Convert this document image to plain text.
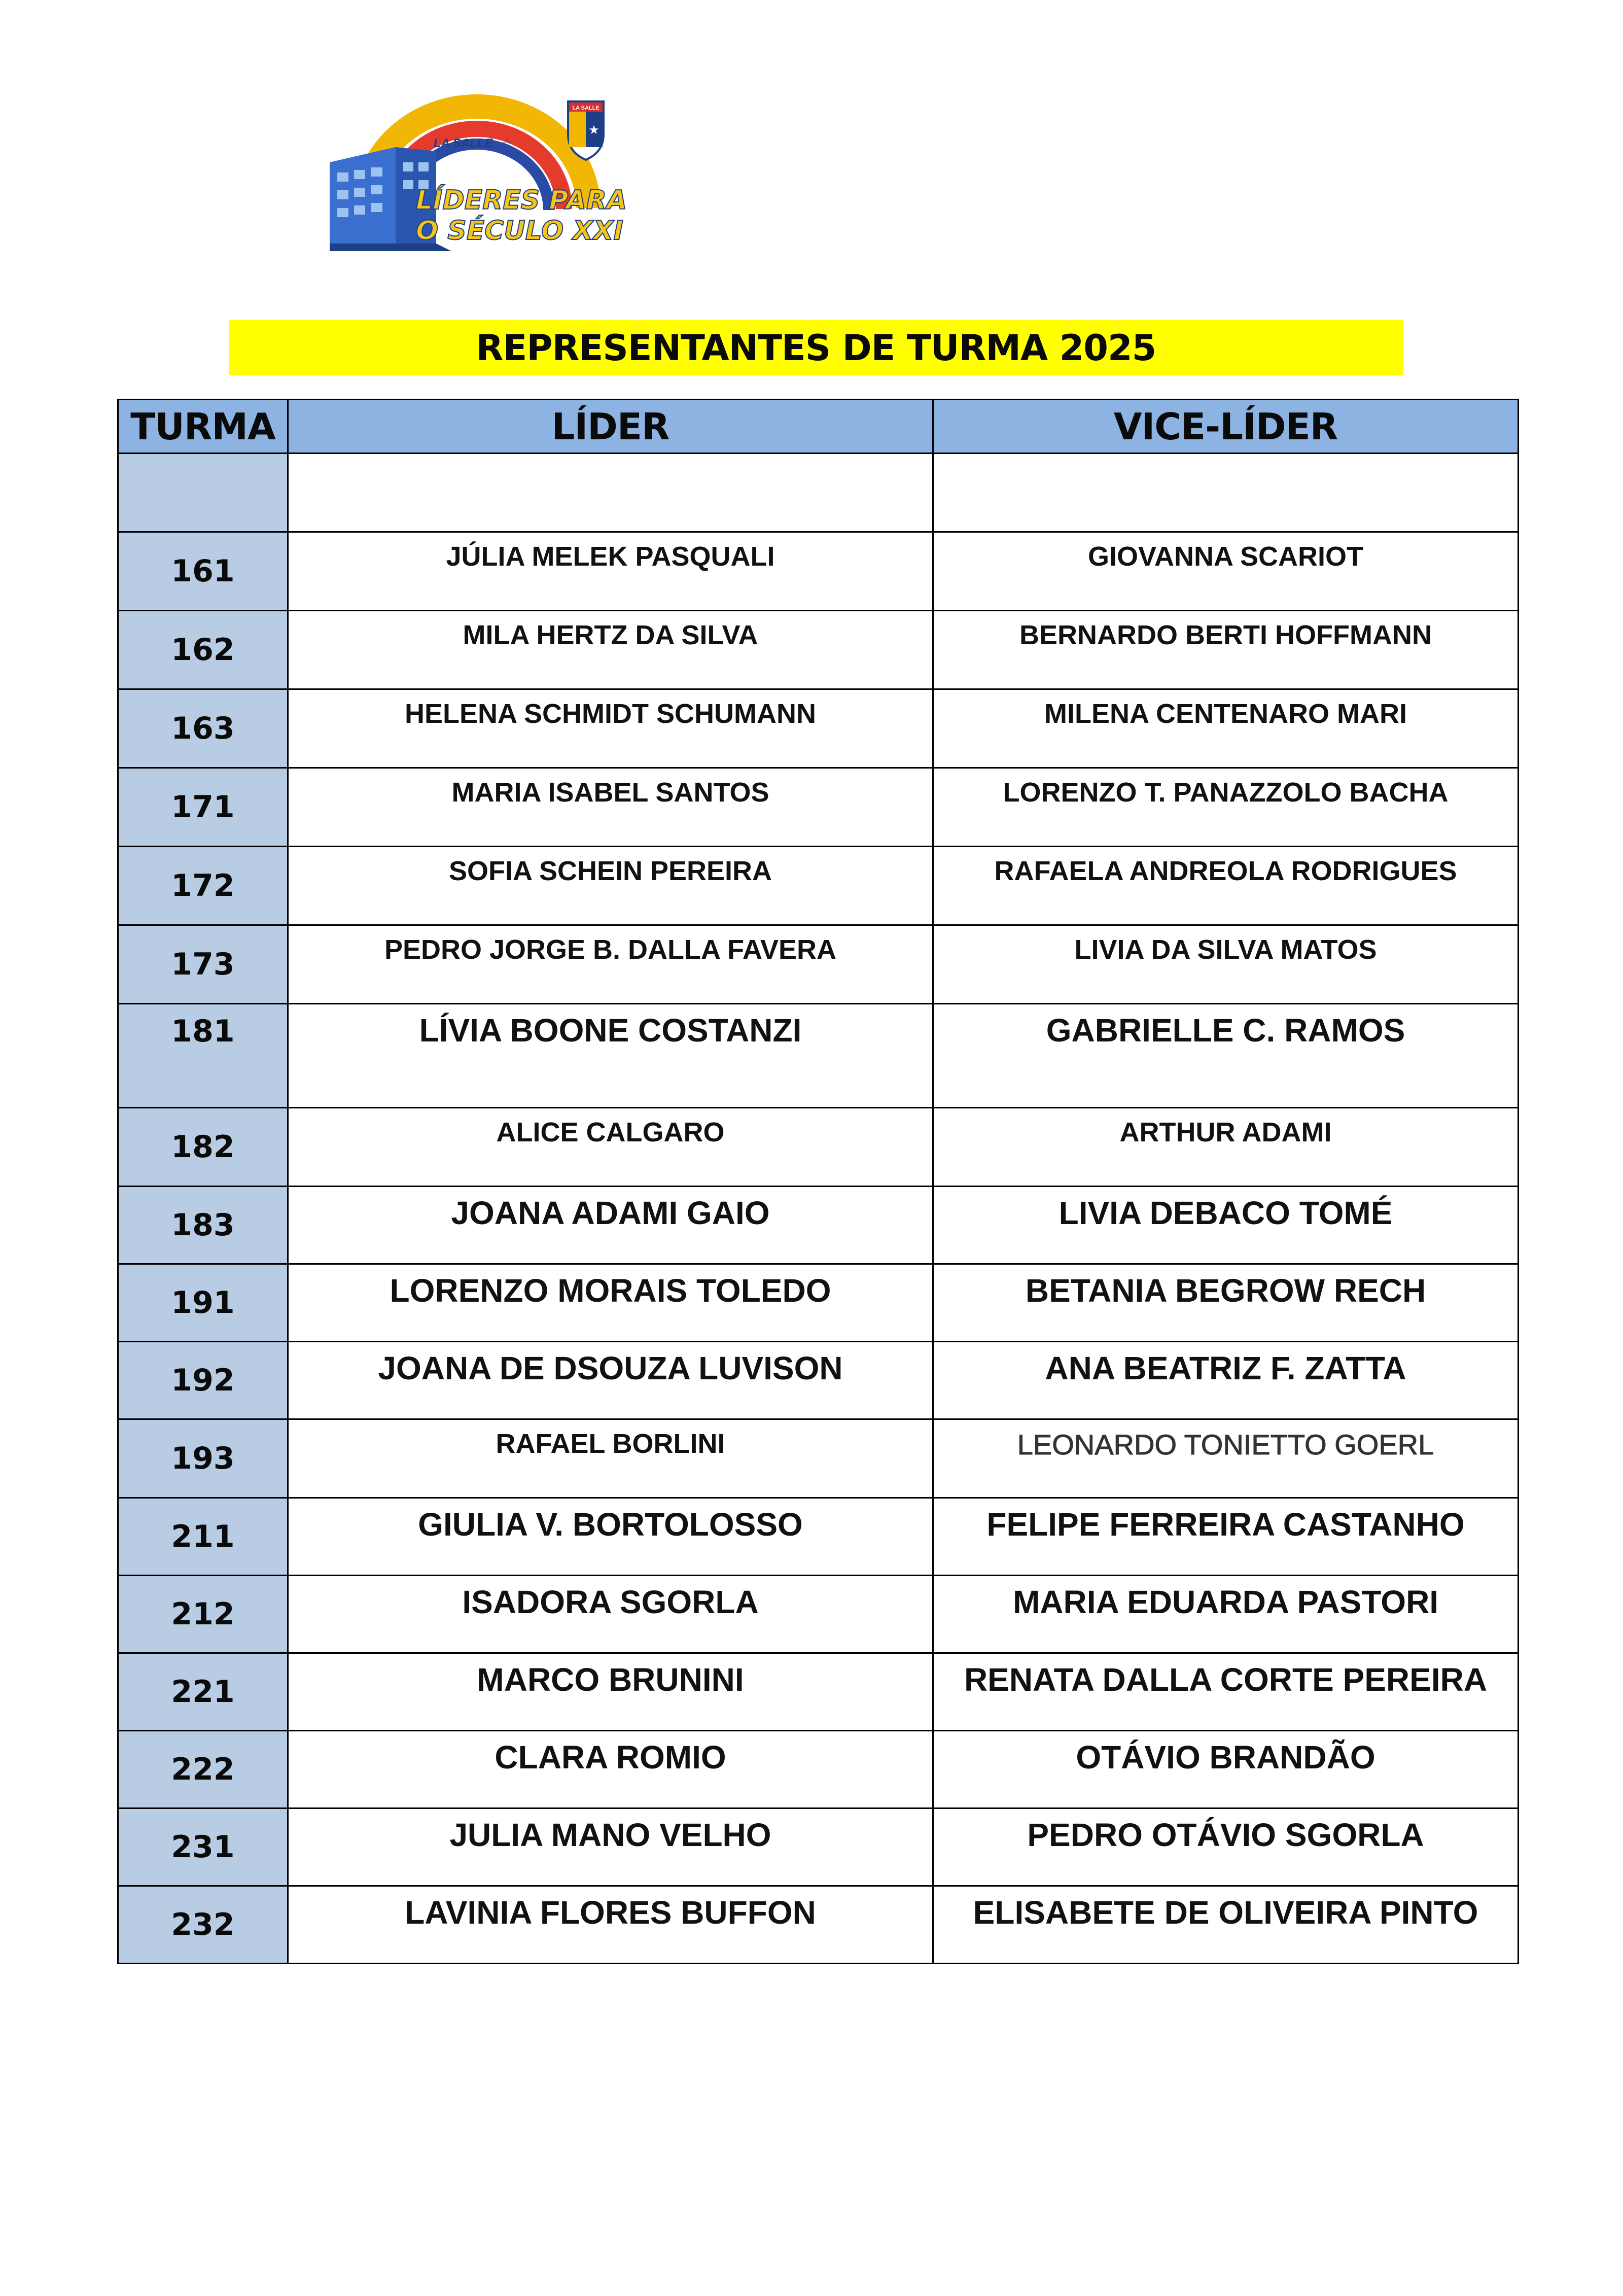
LA SALLE ☆
LÍDERES PARA
O SÉCULO XXI
LA SALLE
★
REPRESENTANTES DE TURMA 2025
TURMA	LÍDER	VICE-LÍDER

161	JÚLIA MELEK PASQUALI	GIOVANNA SCARIOT
162	MILA HERTZ DA SILVA	BERNARDO BERTI HOFFMANN
163	HELENA SCHMIDT SCHUMANN	MILENA CENTENARO MARI
171	MARIA ISABEL SANTOS	LORENZO T. PANAZZOLO BACHA
172	SOFIA SCHEIN PEREIRA	RAFAELA ANDREOLA RODRIGUES
173	PEDRO JORGE B. DALLA FAVERA	LIVIA DA SILVA MATOS
181	LÍVIA BOONE COSTANZI	GABRIELLE C. RAMOS
182	ALICE CALGARO	ARTHUR ADAMI
183	JOANA ADAMI GAIO	LIVIA DEBACO TOMÉ
191	LORENZO MORAIS TOLEDO	BETANIA BEGROW RECH
192	JOANA DE DSOUZA LUVISON	ANA BEATRIZ F. ZATTA
193	RAFAEL BORLINI	LEONARDO TONIETTO GOERL
211	GIULIA V. BORTOLOSSO	FELIPE FERREIRA CASTANHO
212	ISADORA SGORLA	MARIA EDUARDA PASTORI
221	MARCO BRUNINI	RENATA DALLA CORTE PEREIRA
222	CLARA ROMIO	OTÁVIO BRANDÃO
231	JULIA MANO VELHO	PEDRO OTÁVIO SGORLA
232	LAVINIA FLORES BUFFON	ELISABETE DE OLIVEIRA PINTO
